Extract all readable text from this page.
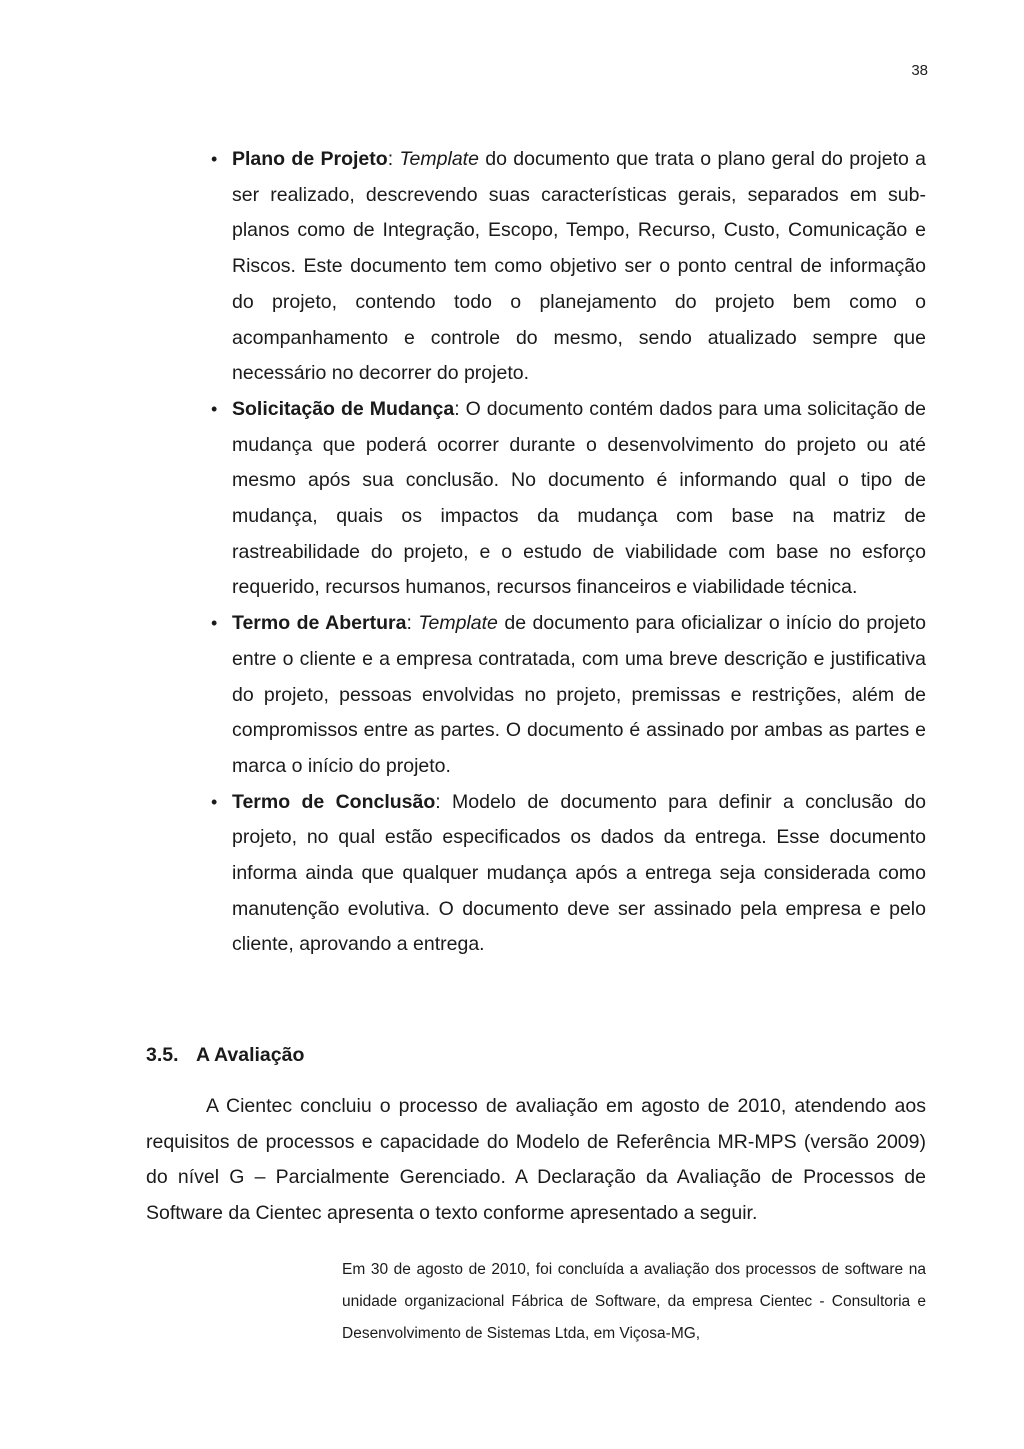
38
• Plano de Projeto: Template do documento que trata o plano geral do projeto a ser realizado, descrevendo suas características gerais, separados em sub-planos como de Integração, Escopo, Tempo, Recurso, Custo, Comunicação e Riscos. Este documento tem como objetivo ser o ponto central de informação do projeto, contendo todo o planejamento do projeto bem como o acompanhamento e controle do mesmo, sendo atualizado sempre que necessário no decorrer do projeto.
• Solicitação de Mudança: O documento contém dados para uma solicitação de mudança que poderá ocorrer durante o desenvolvimento do projeto ou até mesmo após sua conclusão. No documento é informando qual o tipo de mudança, quais os impactos da mudança com base na matriz de rastreabilidade do projeto, e o estudo de viabilidade com base no esforço requerido, recursos humanos, recursos financeiros e viabilidade técnica.
• Termo de Abertura: Template de documento para oficializar o início do projeto entre o cliente e a empresa contratada, com uma breve descrição e justificativa do projeto, pessoas envolvidas no projeto, premissas e restrições, além de compromissos entre as partes. O documento é assinado por ambas as partes e marca o início do projeto.
• Termo de Conclusão: Modelo de documento para definir a conclusão do projeto, no qual estão especificados os dados da entrega. Esse documento informa ainda que qualquer mudança após a entrega seja considerada como manutenção evolutiva. O documento deve ser assinado pela empresa e pelo cliente, aprovando a entrega.
3.5. A Avaliação

A Cientec concluiu o processo de avaliação em agosto de 2010, atendendo aos requisitos de processos e capacidade do Modelo de Referência MR-MPS (versão 2009) do nível G – Parcialmente Gerenciado. A Declaração da Avaliação de Processos de Software da Cientec apresenta o texto conforme apresentado a seguir.

Em 30 de agosto de 2010, foi concluída a avaliação dos processos de software na unidade organizacional Fábrica de Software, da empresa Cientec - Consultoria e Desenvolvimento de Sistemas Ltda, em Viçosa-MG,
